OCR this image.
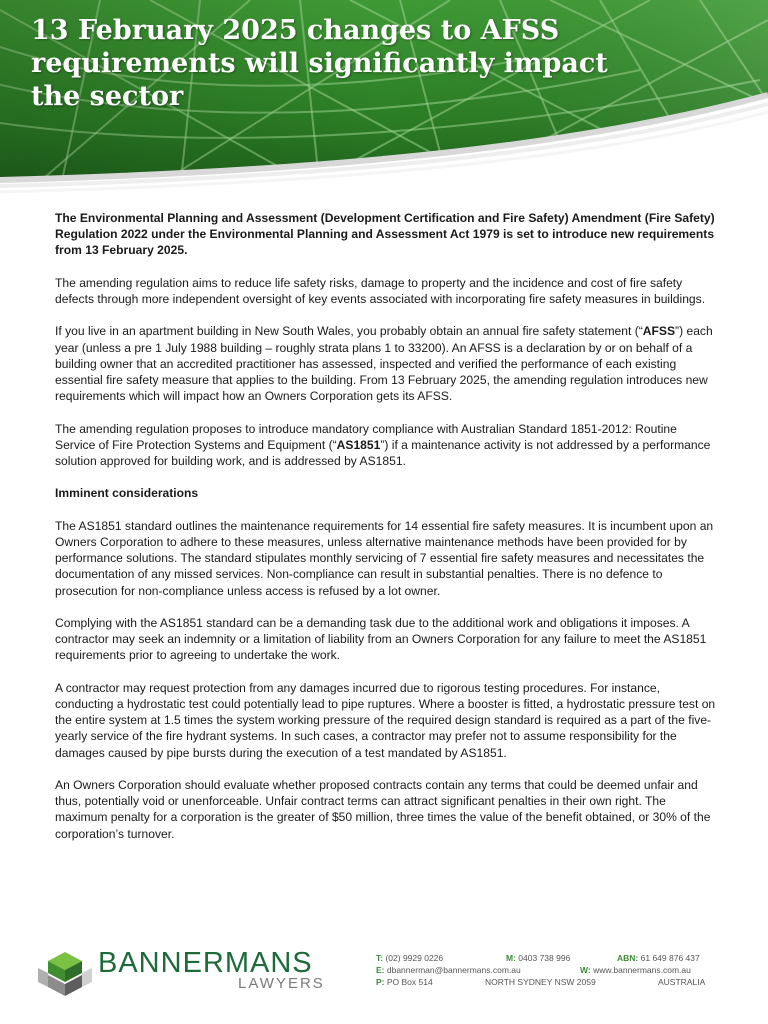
13 February 2025 changes to AFSS requirements will significantly impact the sector

The Environmental Planning and Assessment (Development Certification and Fire Safety) Amendment (Fire Safety) Regulation 2022 under the Environmental Planning and Assessment Act 1979 is set to introduce new requirements from 13 February 2025.

The amending regulation aims to reduce life safety risks, damage to property and the incidence and cost of fire safety defects through more independent oversight of key events associated with incorporating fire safety measures in buildings.

If you live in an apartment building in New South Wales, you probably obtain an annual fire safety statement (“AFSS”) each year (unless a pre 1 July 1988 building – roughly strata plans 1 to 33200). An AFSS is a declaration by or on behalf of a building owner that an accredited practitioner has assessed, inspected and verified the performance of each existing essential fire safety measure that applies to the building. From 13 February 2025, the amending regulation introduces new requirements which will impact how an Owners Corporation gets its AFSS.

The amending regulation proposes to introduce mandatory compliance with Australian Standard 1851-2012: Routine Service of Fire Protection Systems and Equipment (“AS1851”) if a maintenance activity is not addressed by a performance solution approved for building work, and is addressed by AS1851.

Imminent considerations

The AS1851 standard outlines the maintenance requirements for 14 essential fire safety measures. It is incumbent upon an Owners Corporation to adhere to these measures, unless alternative maintenance methods have been provided for by performance solutions. The standard stipulates monthly servicing of 7 essential fire safety measures and necessitates the documentation of any missed services. Non-compliance can result in substantial penalties. There is no defence to prosecution for non-compliance unless access is refused by a lot owner.

Complying with the AS1851 standard can be a demanding task due to the additional work and obligations it imposes. A contractor may seek an indemnity or a limitation of liability from an Owners Corporation for any failure to meet the AS1851 requirements prior to agreeing to undertake the work.

A contractor may request protection from any damages incurred due to rigorous testing procedures. For instance, conducting a hydrostatic test could potentially lead to pipe ruptures. Where a booster is fitted, a hydrostatic pressure test on the entire system at 1.5 times the system working pressure of the required design standard is required as a part of the five-yearly service of the fire hydrant systems. In such cases, a contractor may prefer not to assume responsibility for the damages caused by pipe bursts during the execution of a test mandated by AS1851.

An Owners Corporation should evaluate whether proposed contracts contain any terms that could be deemed unfair and thus, potentially void or unenforceable. Unfair contract terms can attract significant penalties in their own right. The maximum penalty for a corporation is the greater of $50 million, three times the value of the benefit obtained, or 30% of the corporation’s turnover.

BANNERMANS
LAWYERS
T: (02) 9929 0226	M: 0403 738 996	ABN: 61 649 876 437
E: dbannerman@bannermans.com.au	W: www.bannermans.com.au
P: PO Box 514	NORTH SYDNEY NSW 2059	AUSTRALIA
